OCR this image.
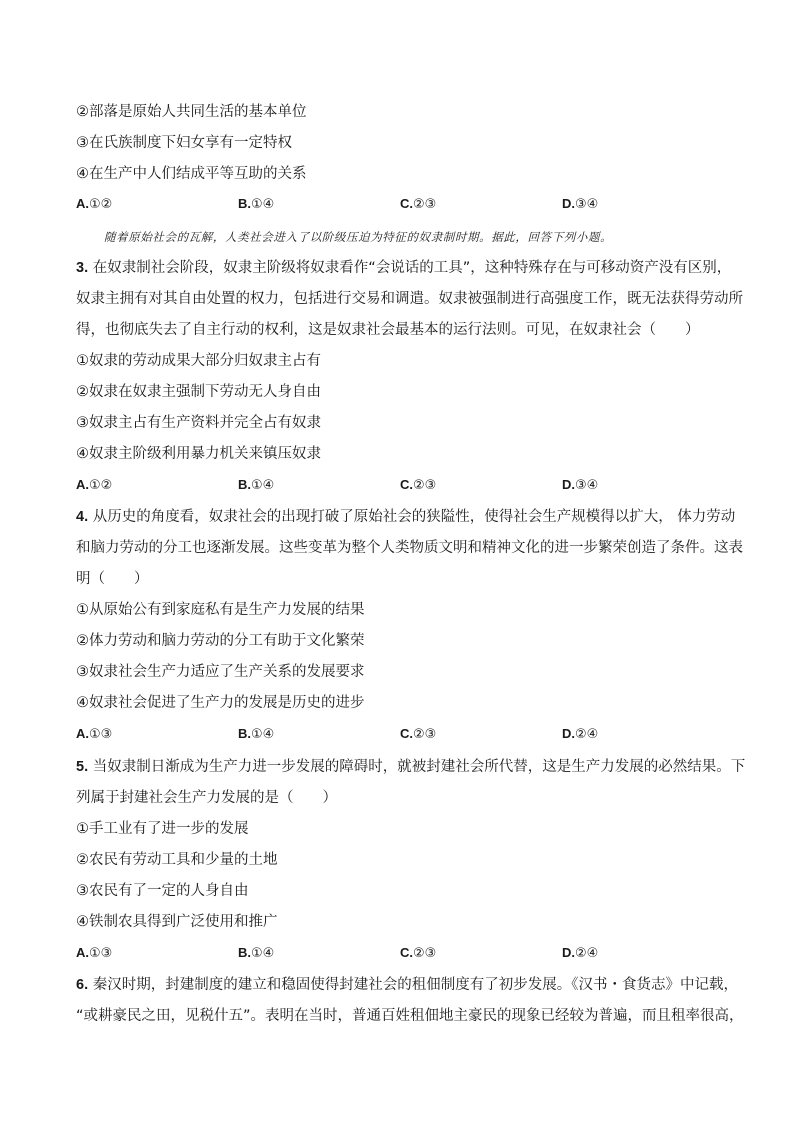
②部落是原始人共同生活的基本单位
③在氏族制度下妇女享有一定特权
④在生产中人们结成平等互助的关系
A.①②	B.①④	C.②③	D.③④
随着原始社会的瓦解，人类社会进入了以阶级压迫为特征的奴隶制时期。据此，回答下列小题。
3. 在奴隶制社会阶段，奴隶主阶级将奴隶看作“会说话的工具”，这种特殊存在与可移动资产没有区别，
奴隶主拥有对其自由处置的权力，包括进行交易和调遣。奴隶被强制进行高强度工作，既无法获得劳动所
得，也彻底失去了自主行动的权利，这是奴隶社会最基本的运行法则。可见，在奴隶社会（　　）
①奴隶的劳动成果大部分归奴隶主占有
②奴隶在奴隶主强制下劳动无人身自由
③奴隶主占有生产资料并完全占有奴隶
④奴隶主阶级利用暴力机关来镇压奴隶
A.①②	B.①④	C.②③	D.③④
4. 从历史的角度看，奴隶社会的出现打破了原始社会的狭隘性，使得社会生产规模得以扩大， 体力劳动
和脑力劳动的分工也逐渐发展。这些变革为整个人类物质文明和精神文化的进一步繁荣创造了条件。这表
明（　　）
①从原始公有到家庭私有是生产力发展的结果
②体力劳动和脑力劳动的分工有助于文化繁荣
③奴隶社会生产力适应了生产关系的发展要求
④奴隶社会促进了生产力的发展是历史的进步
A.①③	B.①④	C.②③	D.②④
5. 当奴隶制日渐成为生产力进一步发展的障碍时，就被封建社会所代替，这是生产力发展的必然结果。下
列属于封建社会生产力发展的是（　　）
①手工业有了进一步的发展
②农民有劳动工具和少量的土地
③农民有了一定的人身自由
④铁制农具得到广泛使用和推广
A.①③	B.①④	C.②③	D.②④
6. 秦汉时期，封建制度的建立和稳固使得封建社会的租佃制度有了初步发展。《汉书・食货志》中记载，
“或耕豪民之田，见税什五”。表明在当时，普通百姓租佃地主豪民的现象已经较为普遍，而且租率很高，
